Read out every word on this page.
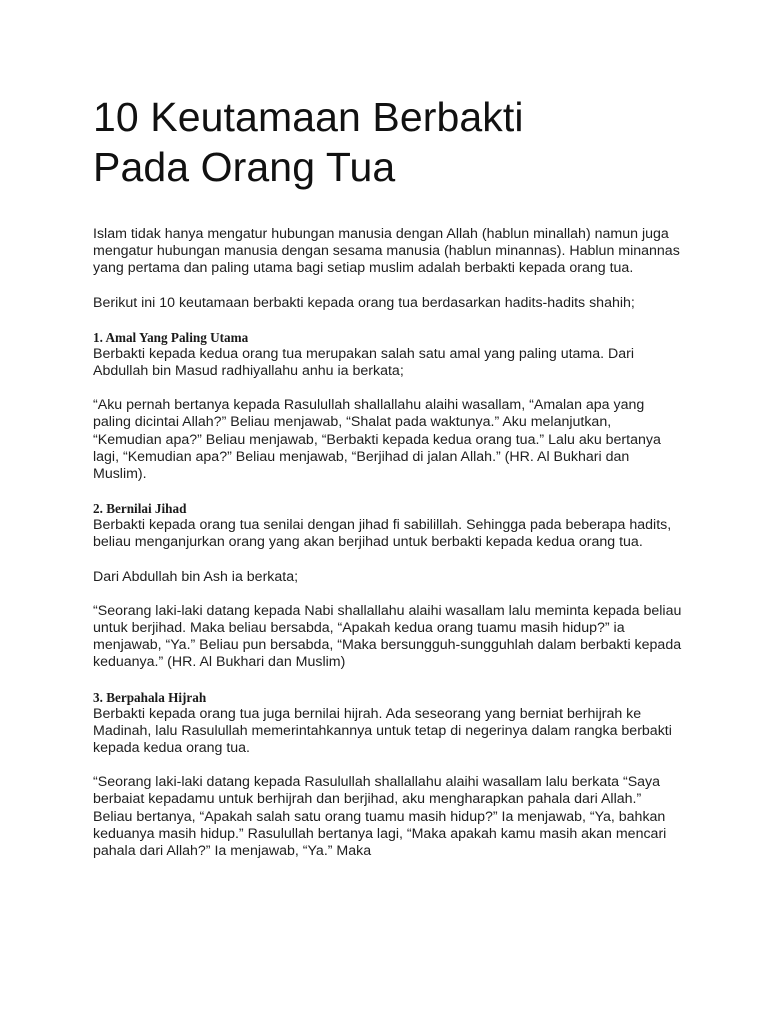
10 Keutamaan Berbakti
Pada Orang Tua

Islam tidak hanya mengatur hubungan manusia dengan Allah (hablun minallah) namun juga mengatur hubungan manusia dengan sesama manusia (hablun minannas). Hablun minannas yang pertama dan paling utama bagi setiap muslim adalah berbakti kepada orang tua.

Berikut ini 10 keutamaan berbakti kepada orang tua berdasarkan hadits-hadits shahih;

1. Amal Yang Paling Utama

Berbakti kepada kedua orang tua merupakan salah satu amal yang paling utama. Dari Abdullah bin Masud radhiyallahu anhu ia berkata;

“Aku pernah bertanya kepada Rasulullah shallallahu alaihi wasallam, “Amalan apa yang paling dicintai Allah?” Beliau menjawab, “Shalat pada waktunya.” Aku melanjutkan, “Kemudian apa?” Beliau menjawab, “Berbakti kepada kedua orang tua.” Lalu aku bertanya lagi, “Kemudian apa?” Beliau menjawab, “Berjihad di jalan Allah.” (HR. Al Bukhari dan Muslim).

2. Bernilai Jihad

Berbakti kepada orang tua senilai dengan jihad fi sabilillah. Sehingga pada beberapa hadits, beliau menganjurkan orang yang akan berjihad untuk berbakti kepada kedua orang tua.

Dari Abdullah bin Ash ia berkata;

“Seorang laki-laki datang kepada Nabi shallallahu alaihi wasallam lalu meminta kepada beliau untuk berjihad. Maka beliau bersabda, “Apakah kedua orang tuamu masih hidup?” ia menjawab, “Ya.” Beliau pun bersabda, “Maka bersungguh-sungguhlah dalam berbakti kepada keduanya.” (HR. Al Bukhari dan Muslim)

3. Berpahala Hijrah

Berbakti kepada orang tua juga bernilai hijrah. Ada seseorang yang berniat berhijrah ke Madinah, lalu Rasulullah memerintahkannya untuk tetap di negerinya dalam rangka berbakti kepada kedua orang tua.

“Seorang laki-laki datang kepada Rasulullah shallallahu alaihi wasallam lalu berkata “Saya berbaiat kepadamu untuk berhijrah dan berjihad, aku mengharapkan pahala dari Allah.” Beliau bertanya, “Apakah salah satu orang tuamu masih hidup?” Ia menjawab, “Ya, bahkan keduanya masih hidup.” Rasulullah bertanya lagi, “Maka apakah kamu masih akan mencari pahala dari Allah?” Ia menjawab, “Ya.” Maka
